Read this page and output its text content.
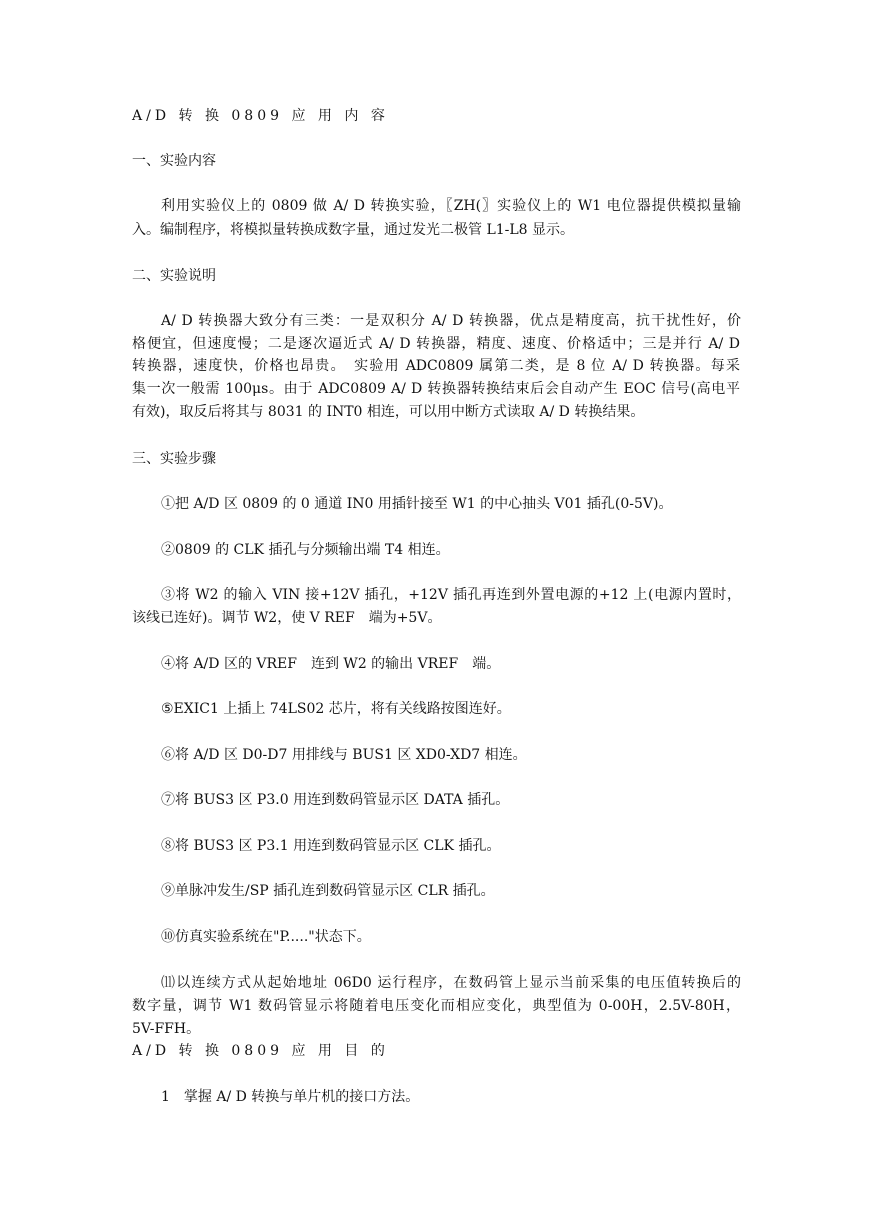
A/D 转 换 0809 应 用 内 容
一、实验内容
利用实验仪上的 0809 做 A/ D 转换实验，〖ZH(〗实验仪上的 W1 电位器提供模拟量输
入。编制程序，将模拟量转换成数字量，通过发光二极管 L1-L8 显示。
二、实验说明
A/ D 转换器大致分有三类：一是双积分 A/ D 转换器，优点是精度高，抗干扰性好，价
格便宜，但速度慢；二是逐次逼近式 A/ D 转换器，精度、速度、价格适中；三是并行 A/ D
转换器，速度快，价格也昂贵。　实验用 ADC0809 属第二类，是 8 位 A/ D 转换器。每采
集一次一般需 100μs。由于 ADC0809 A/ D 转换器转换结束后会自动产生 EOC 信号(高电平
有效)，取反后将其与 8031 的 INT0 相连，可以用中断方式读取 A/ D 转换结果。
三、实验步骤
①把 A/D 区 0809 的 0 通道 IN0 用插针接至 W1 的中心抽头 V01 插孔(0-5V)。
②0809 的 CLK 插孔与分频输出端 T4 相连。
③将 W2 的输入 VIN 接+12V 插孔，+12V 插孔再连到外置电源的+12 上(电源内置时，
该线已连好)。调节 W2，使 V REF　端为+5V。
④将 A/D 区的 VREF　连到 W2 的输出 VREF　端。
⑤EXIC1 上插上 74LS02 芯片，将有关线路按图连好。
⑥将 A/D 区 D0-D7 用排线与 BUS1 区 XD0-XD7 相连。
⑦将 BUS3 区 P3.0 用连到数码管显示区 DATA 插孔。
⑧将 BUS3 区 P3.1 用连到数码管显示区 CLK 插孔。
⑨单脉冲发生/SP 插孔连到数码管显示区 CLR 插孔。
⑩仿真实验系统在"P....."状态下。
⑾以连续方式从起始地址 06D0 运行程序，在数码管上显示当前采集的电压值转换后的
数字量，调节 W1 数码管显示将随着电压变化而相应变化，典型值为 0-00H，2.5V-80H，
5V-FFH。
A/D 转 换 0809 应 用 目 的
1　掌握 A/ D 转换与单片机的接口方法。
